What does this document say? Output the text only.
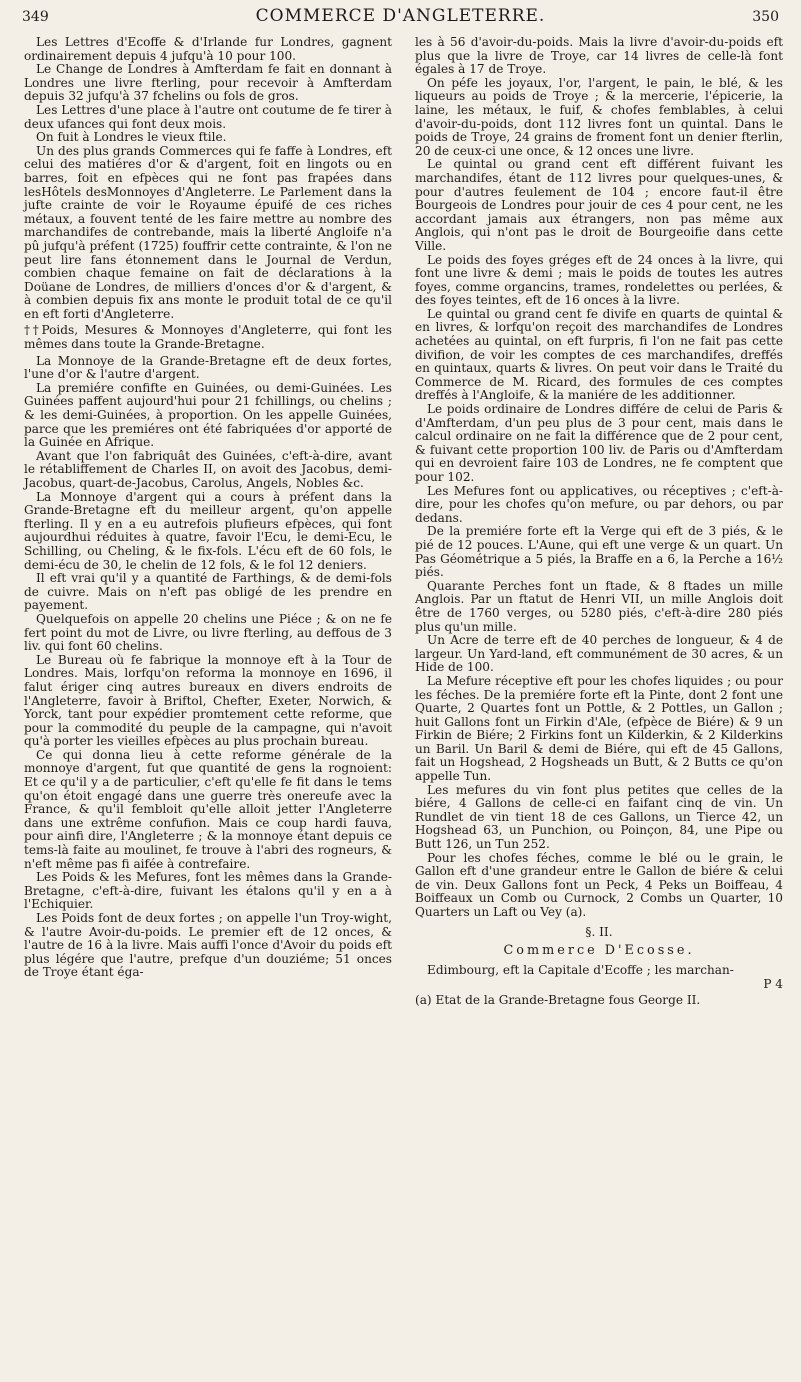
349	COMMERCE D'ANGLETERRE.	350

Les Lettres d'Ecoffe & d'Irlande fur Londres, gagnent ordinairement depuis 4 jufqu'à 10 pour 100.

Le Change de Londres à Amfterdam fe fait en donnant à Londres une livre fterling, pour recevoir à Amfterdam depuis 32 jufqu'à 37 fchelins ou fols de gros.

Les Lettres d'une place à l'autre ont coutume de fe tirer à deux ufances qui font deux mois.

On fuit à Londres le vieux ftile.

Un des plus grands Commerces qui fe faffe à Londres, eft celui des matiéres d'or & d'argent, foit en lingots ou en barres, foit en efpèces qui ne font pas frapées dans lesHôtels desMonnoyes d'Angleterre. Le Parlement dans la jufte crainte de voir le Royaume épuifé de ces riches métaux, a fouvent tenté de les faire mettre au nombre des marchandifes de contrebande, mais la liberté Angloife n'a pû jufqu'à préfent (1725) fouffrir cette contrainte, & l'on ne peut lire fans étonnement dans le Journal de Verdun, combien chaque femaine on fait de déclarations à la Doüane de Londres, de milliers d'onces d'or & d'argent, & à combien depuis fix ans monte le produit total de ce qu'il en eft forti d'Angleterre.

††Poids, Mesures & Monnoyes d'Angleterre, qui font les mêmes dans toute la Grande-Bretagne.

La Monnoye de la Grande-Bretagne eft de deux fortes, l'une d'or & l'autre d'argent.

La premiére confifte en Guinées, ou demi-Guinées. Les Guinées paffent aujourd'hui pour 21 fchillings, ou chelins ; & les demi-Guinées, à proportion. On les appelle Guinées, parce que les premiéres ont été fabriquées d'or apporté de la Guinée en Afrique.

Avant que l'on fabriquât des Guinées, c'eft-à-dire, avant le rétabliffement de Charles II, on avoit des Jacobus, demi-Jacobus, quart-de-Jacobus, Carolus, Angels, Nobles &c.

La Monnoye d'argent qui a cours à préfent dans la Grande-Bretagne eft du meilleur argent, qu'on appelle fterling. Il y en a eu autrefois plufieurs efpèces, qui font aujourdhui réduites à quatre, favoir l'Ecu, le demi-Ecu, le Schilling, ou Cheling, & le fix-fols. L'écu eft de 60 fols, le demi-écu de 30, le chelin de 12 fols, & le fol 12 deniers.

Il eft vrai qu'il y a quantité de Farthings, & de demi-fols de cuivre. Mais on n'eft pas obligé de les prendre en payement.

Quelquefois on appelle 20 chelins une Piéce ; & on ne fe fert point du mot de Livre, ou livre fterling, au deffous de 3 liv. qui font 60 chelins.

Le Bureau où fe fabrique la monnoye eft à la Tour de Londres. Mais, lorfqu'on reforma la monnoye en 1696, il falut ériger cinq autres bureaux en divers endroits de l'Angleterre, favoir à Briftol, Chefter, Exeter, Norwich, & Yorck, tant pour expédier promtement cette reforme, que pour la commodité du peuple de la campagne, qui n'avoit qu'à porter les vieilles efpèces au plus prochain bureau.

Ce qui donna lieu à cette reforme générale de la monnoye d'argent, fut que quantité de gens la rognoient: Et ce qu'il y a de particulier, c'eft qu'elle fe fit dans le tems qu'on étoit engagé dans une guerre très onereufe avec la France, & qu'il fembloit qu'elle alloit jetter l'Angleterre dans une extrême confufion. Mais ce coup hardi fauva, pour ainfi dire, l'Angleterre ; & la monnoye étant depuis ce tems-là faite au moulinet, fe trouve à l'abri des rogneurs, & n'eft même pas fi aifée à contrefaire.

Les Poids & les Mefures, font les mêmes dans la Grande-Bretagne, c'eft-à-dire, fuivant les étalons qu'il y en a à l'Echiquier.

Les Poids font de deux fortes ; on appelle l'un Troy-wight, & l'autre Avoir-du-poids. Le premier eft de 12 onces, & l'autre de 16 à la livre. Mais auffi l'once d'Avoir du poids eft plus légére que l'autre, prefque d'un douziéme; 51 onces de Troye étant éga-

les à 56 d'avoir-du-poids. Mais la livre d'avoir-du-poids eft plus que la livre de Troye, car 14 livres de celle-là font égales à 17 de Troye.

On péfe les joyaux, l'or, l'argent, le pain, le blé, & les liqueurs au poids de Troye ; & la mercerie, l'épicerie, la laine, les métaux, le fuif, & chofes femblables, à celui d'avoir-du-poids, dont 112 livres font un quintal. Dans le poids de Troye, 24 grains de froment font un denier fterlin, 20 de ceux-ci une once, & 12 onces une livre.

Le quintal ou grand cent eft différent fuivant les marchandifes, étant de 112 livres pour quelques-unes, & pour d'autres feulement de 104 ; encore faut-il être Bourgeois de Londres pour jouir de ces 4 pour cent, ne les accordant jamais aux étrangers, non pas même aux Anglois, qui n'ont pas le droit de Bourgeoifie dans cette Ville.

Le poids des foyes gréges eft de 24 onces à la livre, qui font une livre & demi ; mais le poids de toutes les autres foyes, comme organcins, trames, rondelettes ou perlées, & des foyes teintes, eft de 16 onces à la livre.

Le quintal ou grand cent fe divife en quarts de quintal & en livres, & lorfqu'on reçoit des marchandifes de Londres achetées au quintal, on eft furpris, fi l'on ne fait pas cette divifion, de voir les comptes de ces marchandifes, dreffés en quintaux, quarts & livres. On peut voir dans le Traité du Commerce de M. Ricard, des formules de ces comptes dreffés à l'Angloife, & la maniére de les additionner.

Le poids ordinaire de Londres différe de celui de Paris & d'Amfterdam, d'un peu plus de 3 pour cent, mais dans le calcul ordinaire on ne fait la différence que de 2 pour cent, & fuivant cette proportion 100 liv. de Paris ou d'Amfterdam qui en devroient faire 103 de Londres, ne fe comptent que pour 102.

Les Mefures font ou applicatives, ou réceptives ; c'eft-à-dire, pour les chofes qu'on mefure, ou par dehors, ou par dedans.

De la premiére forte eft la Verge qui eft de 3 piés, & le pié de 12 pouces. L'Aune, qui eft une verge & un quart. Un Pas Géométrique a 5 piés, la Braffe en a 6, la Perche a 16½ piés.

Quarante Perches font un ftade, & 8 ftades un mille Anglois. Par un ftatut de Henri VII, un mille Anglois doit être de 1760 verges, ou 5280 piés, c'eft-à-dire 280 piés plus qu'un mille.

Un Acre de terre eft de 40 perches de longueur, & 4 de largeur. Un Yard-land, eft communément de 30 acres, & un Hide de 100.

La Mefure réceptive eft pour les chofes liquides ; ou pour les féches. De la premiére forte eft la Pinte, dont 2 font une Quarte, 2 Quartes font un Pottle, & 2 Pottles, un Gallon ; huit Gallons font un Firkin d'Ale, (efpèce de Biére) & 9 un Firkin de Biére; 2 Firkins font un Kilderkin, & 2 Kilderkins un Baril. Un Baril & demi de Biére, qui eft de 45 Gallons, fait un Hogshead, 2 Hogsheads un Butt, & 2 Butts ce qu'on appelle Tun.

Les mefures du vin font plus petites que celles de la biére, 4 Gallons de celle-ci en faifant cinq de vin. Un Rundlet de vin tient 18 de ces Gallons, un Tierce 42, un Hogshead 63, un Punchion, ou Poinçon, 84, une Pipe ou Butt 126, un Tun 252.

Pour les chofes féches, comme le blé ou le grain, le Gallon eft d'une grandeur entre le Gallon de biére & celui de vin. Deux Gallons font un Peck, 4 Peks un Boiffeau, 4 Boiffeaux un Comb ou Curnock, 2 Combs un Quarter, 10 Quarters un Laft ou Vey (a).

§. II.

Commerce D'Ecosse.

Edimbourg, eft la Capitale d'Ecoffe ; les marchan-

P 4

(a) Etat de la Grande-Bretagne fous George II.
